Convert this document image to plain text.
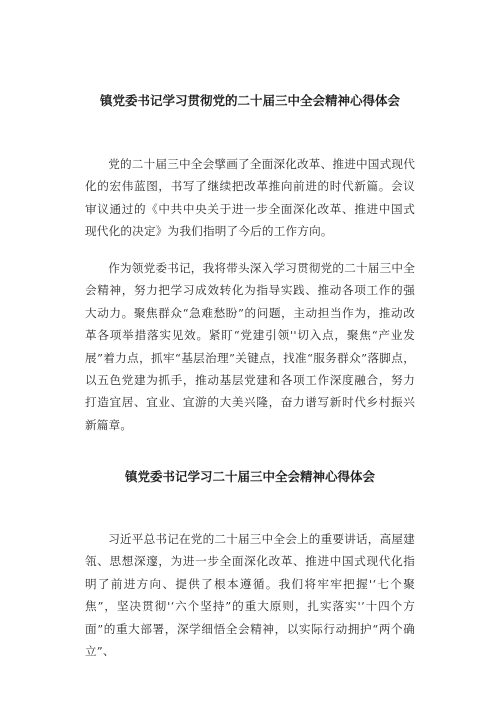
镇党委书记学习贯彻党的二十届三中全会精神心得体会

党的二十届三中全会擘画了全面深化改革、推进中国式现代化的宏伟蓝图，书写了继续把改革推向前进的时代新篇。会议审议通过的《中共中央关于进一步全面深化改革、推进中国式现代化的决定》为我们指明了今后的工作方向。

作为领党委书记，我将带头深入学习贯彻党的二十届三中全会精神，努力把学习成效转化为指导实践、推动各项工作的强大动力。聚焦群众“急难愁盼”的问题，主动担当作为，推动改革各项举措落实见效。紧盯“党建引领''切入点，聚焦“产业发展”着力点，抓牢“基层治理”关键点，找准“服务群众”落脚点，以五色党建为抓手，推动基层党建和各项工作深度融合，努力打造宜居、宜业、宜游的大美兴隆，奋力谱写新时代乡村振兴新篇章。

镇党委书记学习二十届三中全会精神心得体会

习近平总书记在党的二十届三中全会上的重要讲话，高屋建瓴、思想深邃，为进一步全面深化改革、推进中国式现代化指明了前进方向、提供了根本遵循。我们将牢牢把握'‘七个聚焦”，坚决贯彻'‘六个坚持”的重大原则，扎实落实'’十四个方面”的重大部署，深学细悟全会精神，以实际行动拥护“两个确立”、
